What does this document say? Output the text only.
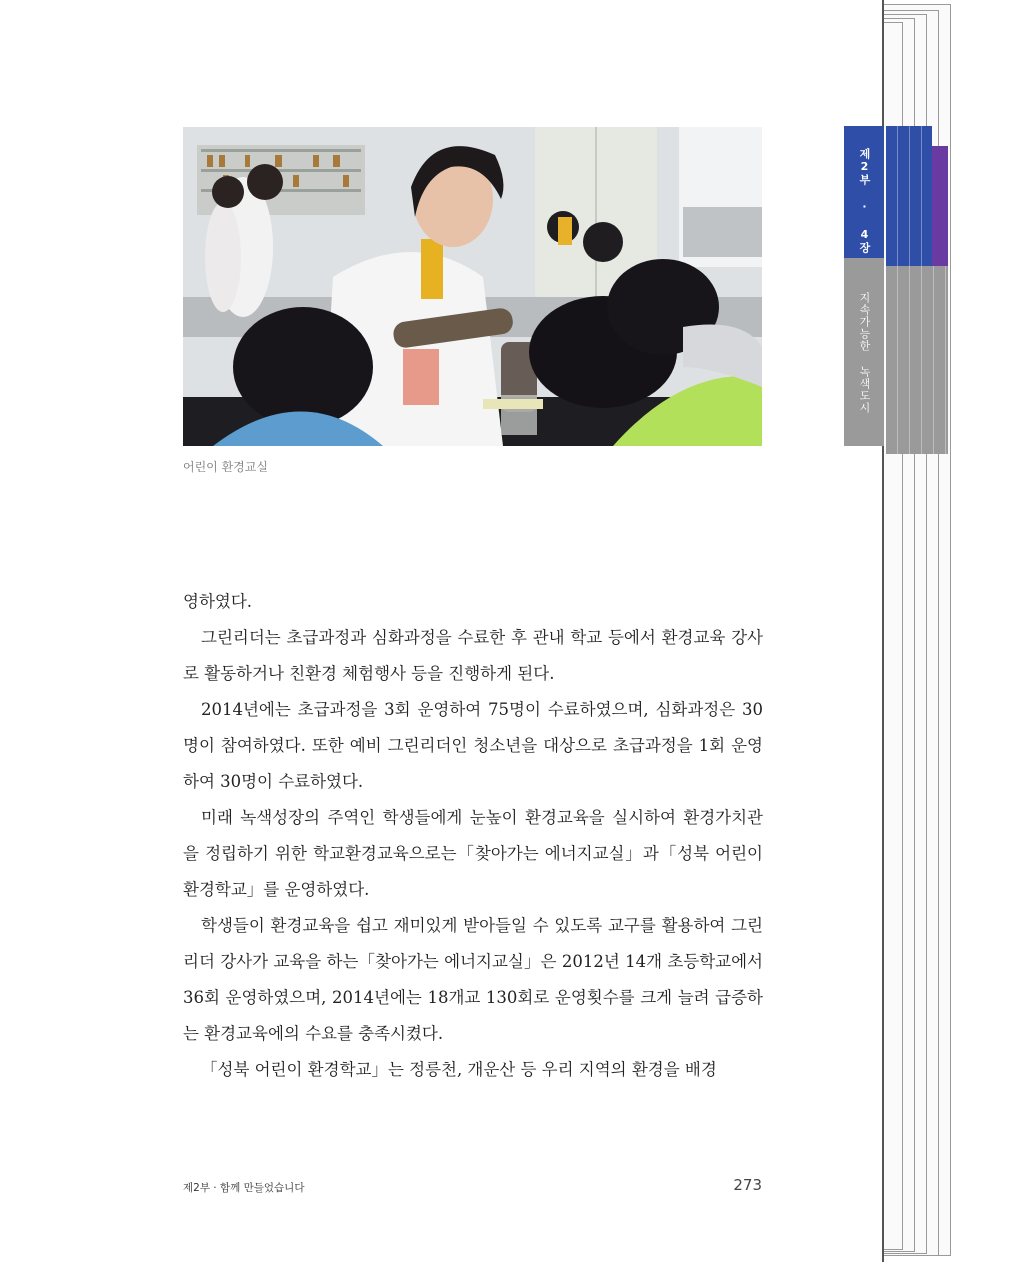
어린이 환경교실

영하였다.

그린리더는 초급과정과 심화과정을 수료한 후 관내 학교 등에서 환경교육 강사로 활동하거나 친환경 체험행사 등을 진행하게 된다.

2014년에는 초급과정을 3회 운영하여 75명이 수료하였으며, 심화과정은 30명이 참여하였다. 또한 예비 그린리더인 청소년을 대상으로 초급과정을 1회 운영하여 30명이 수료하였다.

미래 녹색성장의 주역인 학생들에게 눈높이 환경교육을 실시하여 환경가치관을 정립하기 위한 학교환경교육으로는「찾아가는 에너지교실」과「성북 어린이 환경학교」를 운영하였다.

학생들이 환경교육을 쉽고 재미있게 받아들일 수 있도록 교구를 활용하여 그린리더 강사가 교육을 하는「찾아가는 에너지교실」은 2012년 14개 초등학교에서 36회 운영하였으며, 2014년에는 18개교 130회로 운영횟수를 크게 늘려 급증하는 환경교육에의 수요를 충족시켰다.

「성북 어린이 환경학교」는 정릉천, 개운산 등 우리 지역의 환경을 배경

제2부 · 함께 만들었습니다	273
제2부 · 4장
지속가능한 녹색도시
